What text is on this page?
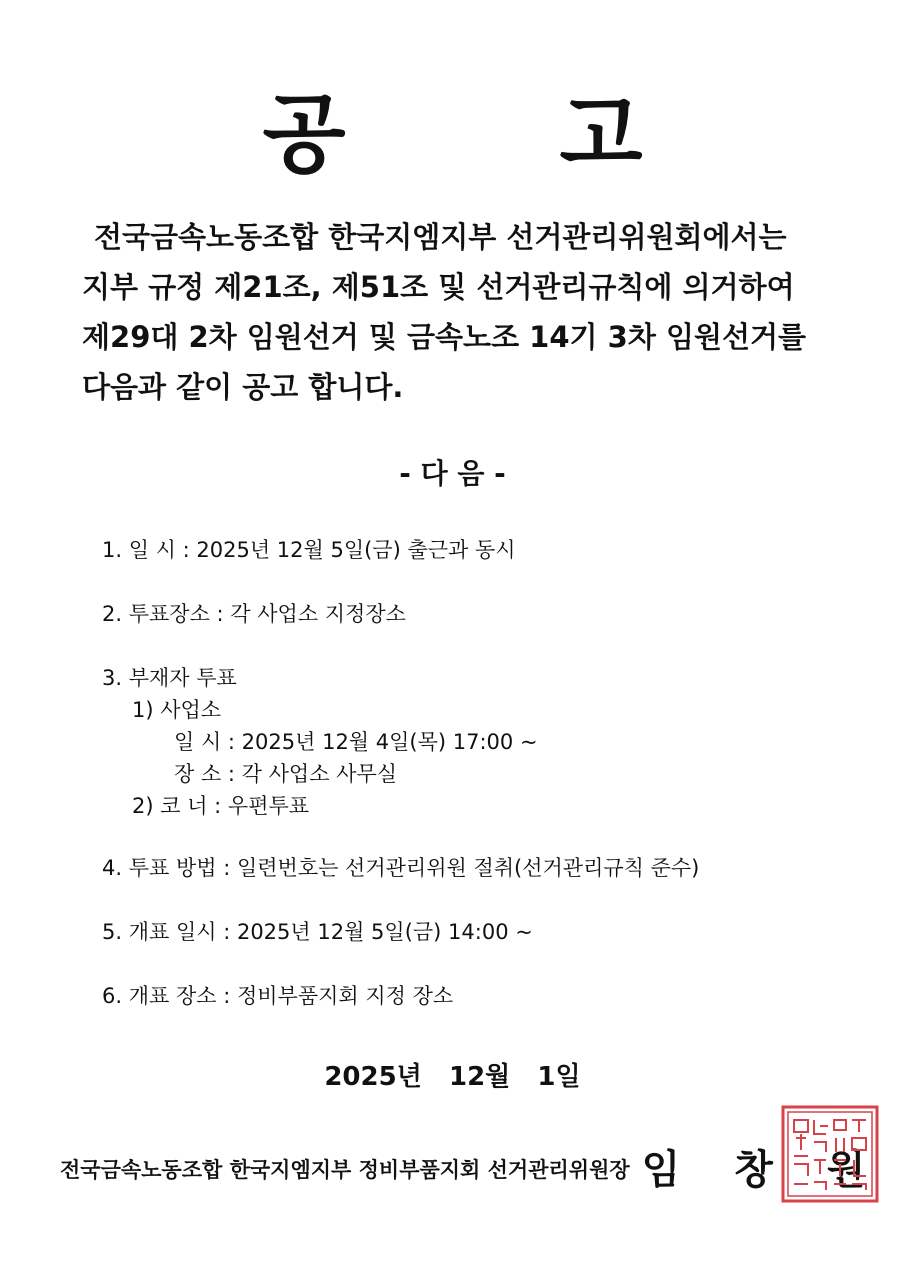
공 고
전국금속노동조합 한국지엠지부 선거관리위원회에서는
지부 규정 제21조, 제51조 및 선거관리규칙에 의거하여
제29대 2차 임원선거 및 금속노조 14기 3차 임원선거를
다음과 같이 공고 합니다.
- 다 음 -
1. 일 시 : 2025년 12월 5일(금) 출근과 동시
2. 투표장소 : 각 사업소 지정장소
3. 부재자 투표
1) 사업소
일 시 : 2025년 12월 4일(목) 17:00 ~
장 소 : 각 사업소 사무실
2) 코 너 : 우편투표
4. 투표 방법 : 일련번호는 선거관리위원 절취(선거관리규칙 준수)
5. 개표 일시 : 2025년 12월 5일(금) 14:00 ~
6. 개표 장소 : 정비부품지회 지정 장소
2025년   12월   1일
전국금속노동조합 한국지엠지부 정비부품지회 선거관리위원장 임 창 원
